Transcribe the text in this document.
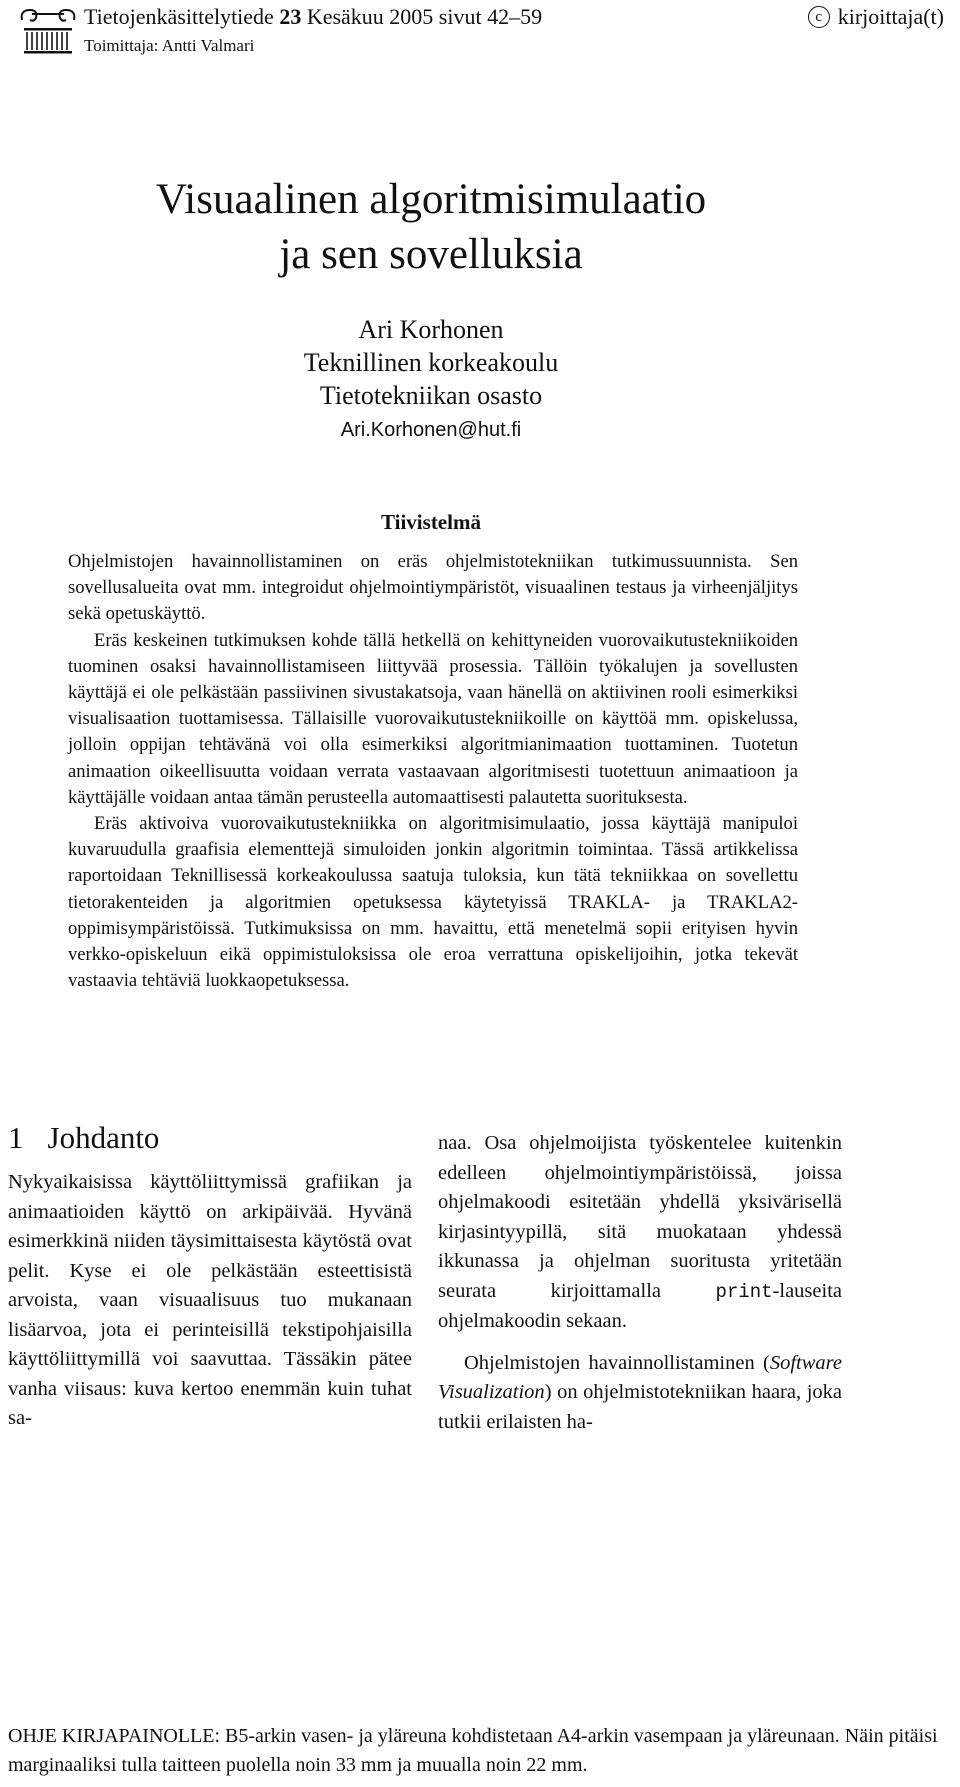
Tietojenkäsittelytiede 23 Kesäkuu 2005 sivut 42–59
Toimittaja: Antti Valmari
c kirjoittaja(t)
Visuaalinen algoritmisimulaatio
ja sen sovelluksia
Ari Korhonen
Teknillinen korkeakoulu
Tietotekniikan osasto
Ari.Korhonen@hut.fi
Tiivistelmä

Ohjelmistojen havainnollistaminen on eräs ohjelmistotekniikan tutkimussuunnista. Sen sovellusalueita ovat mm. integroidut ohjelmointiympäristöt, visuaalinen testaus ja virheenjäljitys sekä opetuskäyttö.

Eräs keskeinen tutkimuksen kohde tällä hetkellä on kehittyneiden vuorovaikutustekniikoiden tuominen osaksi havainnollistamiseen liittyvää prosessia. Tällöin työkalujen ja sovellusten käyttäjä ei ole pelkästään passiivinen sivustakatsoja, vaan hänellä on aktiivinen rooli esimerkiksi visualisaation tuottamisessa. Tällaisille vuorovaikutustekniikoille on käyttöä mm. opiskelussa, jolloin oppijan tehtävänä voi olla esimerkiksi algoritmianimaation tuottaminen. Tuotetun animaation oikeellisuutta voidaan verrata vastaavaan algoritmisesti tuotettuun animaatioon ja käyttäjälle voidaan antaa tämän perusteella automaattisesti palautetta suorituksesta.

Eräs aktivoiva vuorovaikutustekniikka on algoritmisimulaatio, jossa käyttäjä manipuloi kuvaruudulla graafisia elementtejä simuloiden jonkin algoritmin toimintaa. Tässä artikkelissa raportoidaan Teknillisessä korkeakoulussa saatuja tuloksia, kun tätä tekniikkaa on sovellettu tietorakenteiden ja algoritmien opetuksessa käytetyissä TRAKLA- ja TRAKLA2-oppimisympäristöissä. Tutkimuksissa on mm. havaittu, että menetelmä sopii erityisen hyvin verkko-opiskeluun eikä oppimistuloksissa ole eroa verrattuna opiskelijoihin, jotka tekevät vastaavia tehtäviä luokkaopetuksessa.

1 Johdanto

Nykyaikaisissa käyttöliittymissä grafiikan ja animaatioiden käyttö on arkipäivää. Hyvänä esimerkkinä niiden täysimittaisesta käytöstä ovat pelit. Kyse ei ole pelkästään esteettisistä arvoista, vaan visuaalisuus tuo mukanaan lisäarvoa, jota ei perinteisillä tekstipohjaisilla käyttöliittymillä voi saavuttaa. Tässäkin pätee vanha viisaus: kuva kertoo enemmän kuin tuhat sa-

naa. Osa ohjelmoijista työskentelee kuitenkin edelleen ohjelmointiympäristöissä, joissa ohjelmakoodi esitetään yhdellä yksivärisellä kirjasintyypillä, sitä muokataan yhdessä ikkunassa ja ohjelman suoritusta yritetään seurata kirjoittamalla	print-lauseita ohjelmakoodin sekaan.

Ohjelmistojen havainnollistaminen (Software Visualization) on ohjelmistotekniikan haara, joka tutkii erilaisten ha-

OHJE KIRJAPAINOLLE: B5-arkin vasen- ja yläreuna kohdistetaan A4-arkin vasempaan ja yläreunaan. Näin pitäisi marginaaliksi tulla taitteen puolella noin 33 mm ja muualla noin 22 mm.
